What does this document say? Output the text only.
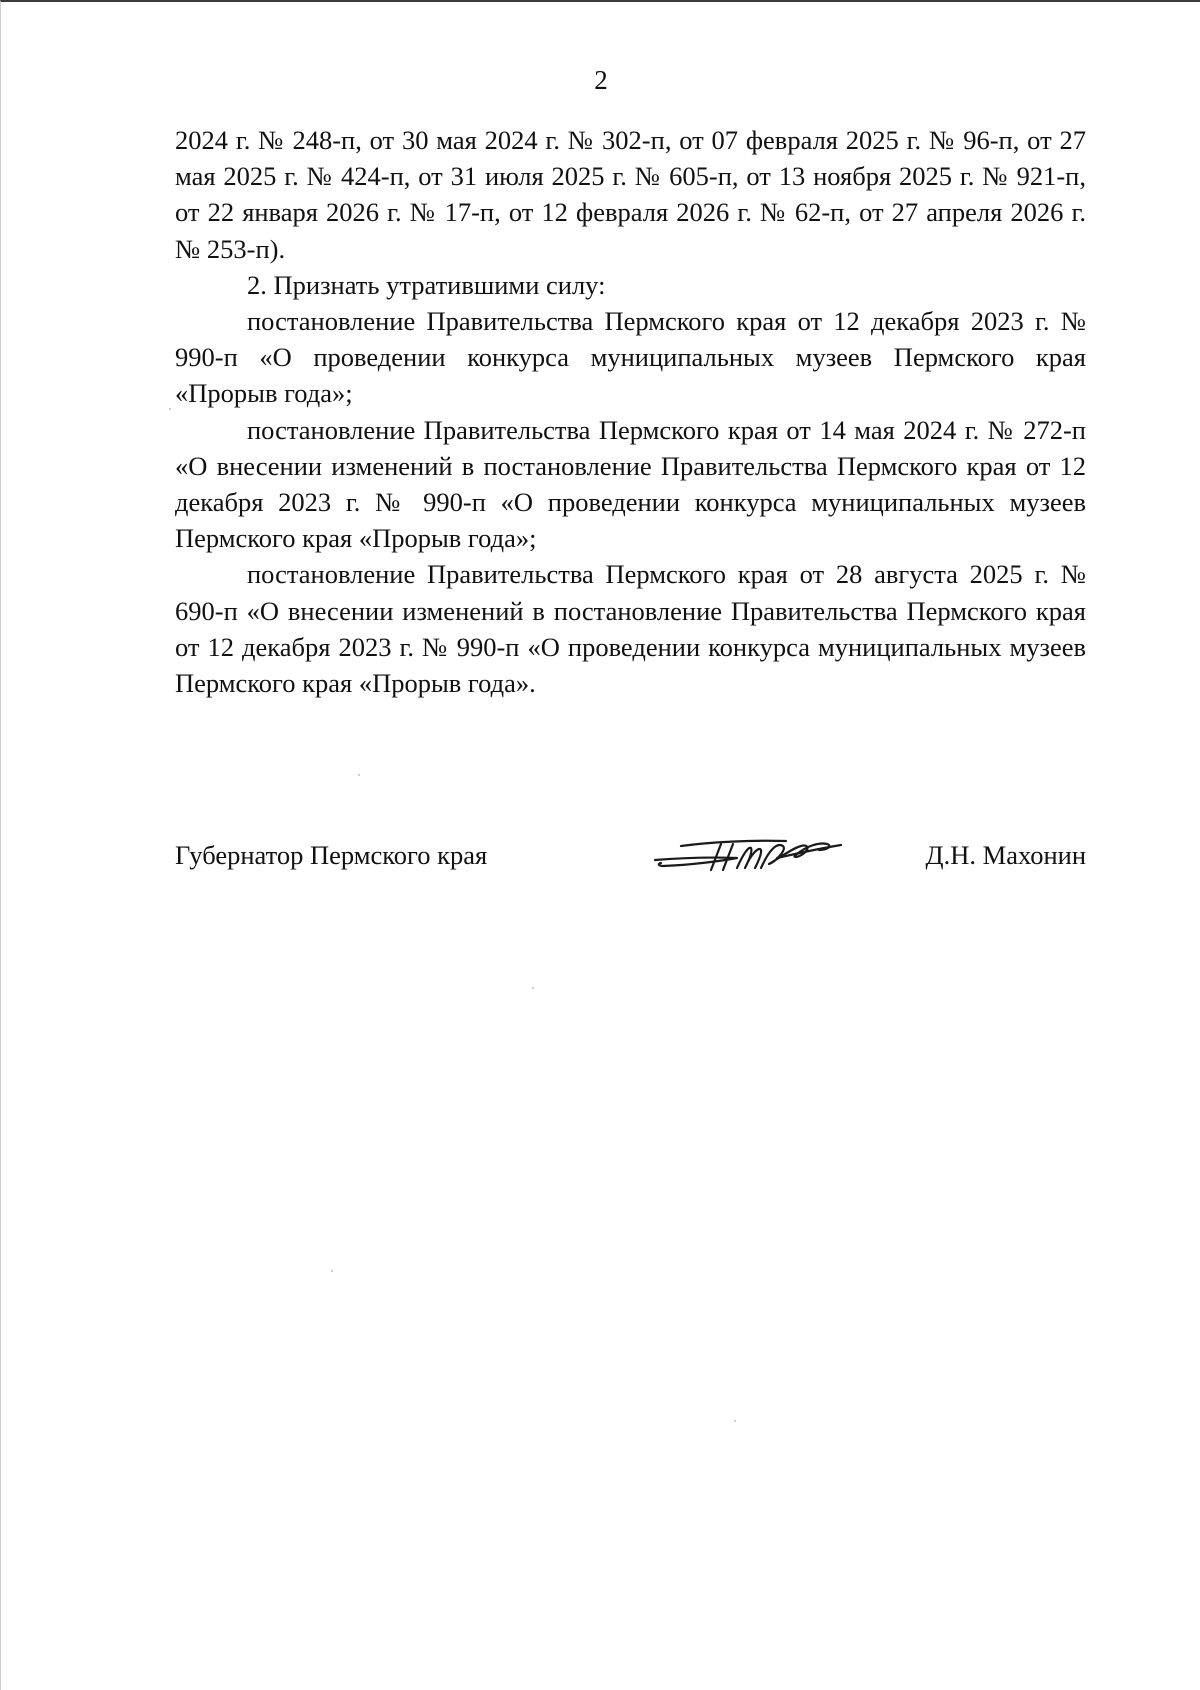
2

2024 г. № 248-п, от 30 мая 2024 г. № 302-п, от 07 февраля 2025 г. № 96-п, от 27 мая 2025 г. № 424-п, от 31 июля 2025 г. № 605-п, от 13 ноября 2025 г. № 921-п, от 22 января 2026 г. № 17-п, от 12 февраля 2026 г. № 62-п, от 27 апреля 2026 г. № 253-п).

2. Признать утратившими силу:

постановление Правительства Пермского края от 12 декабря 2023 г. № 990-п «О проведении конкурса муниципальных музеев Пермского края «Прорыв года»;

постановление Правительства Пермского края от 14 мая 2024 г. № 272-п «О внесении изменений в постановление Правительства Пермского края от 12 декабря 2023 г. № 990-п «О проведении конкурса муниципальных музеев Пермского края «Прорыв года»;

постановление Правительства Пермского края от 28 августа 2025 г. № 690-п «О внесении изменений в постановление Правительства Пермского края от 12 декабря 2023 г. № 990-п «О проведении конкурса муниципальных музеев Пермского края «Прорыв года».

Губернатор Пермского края	Д.Н. Махонин
